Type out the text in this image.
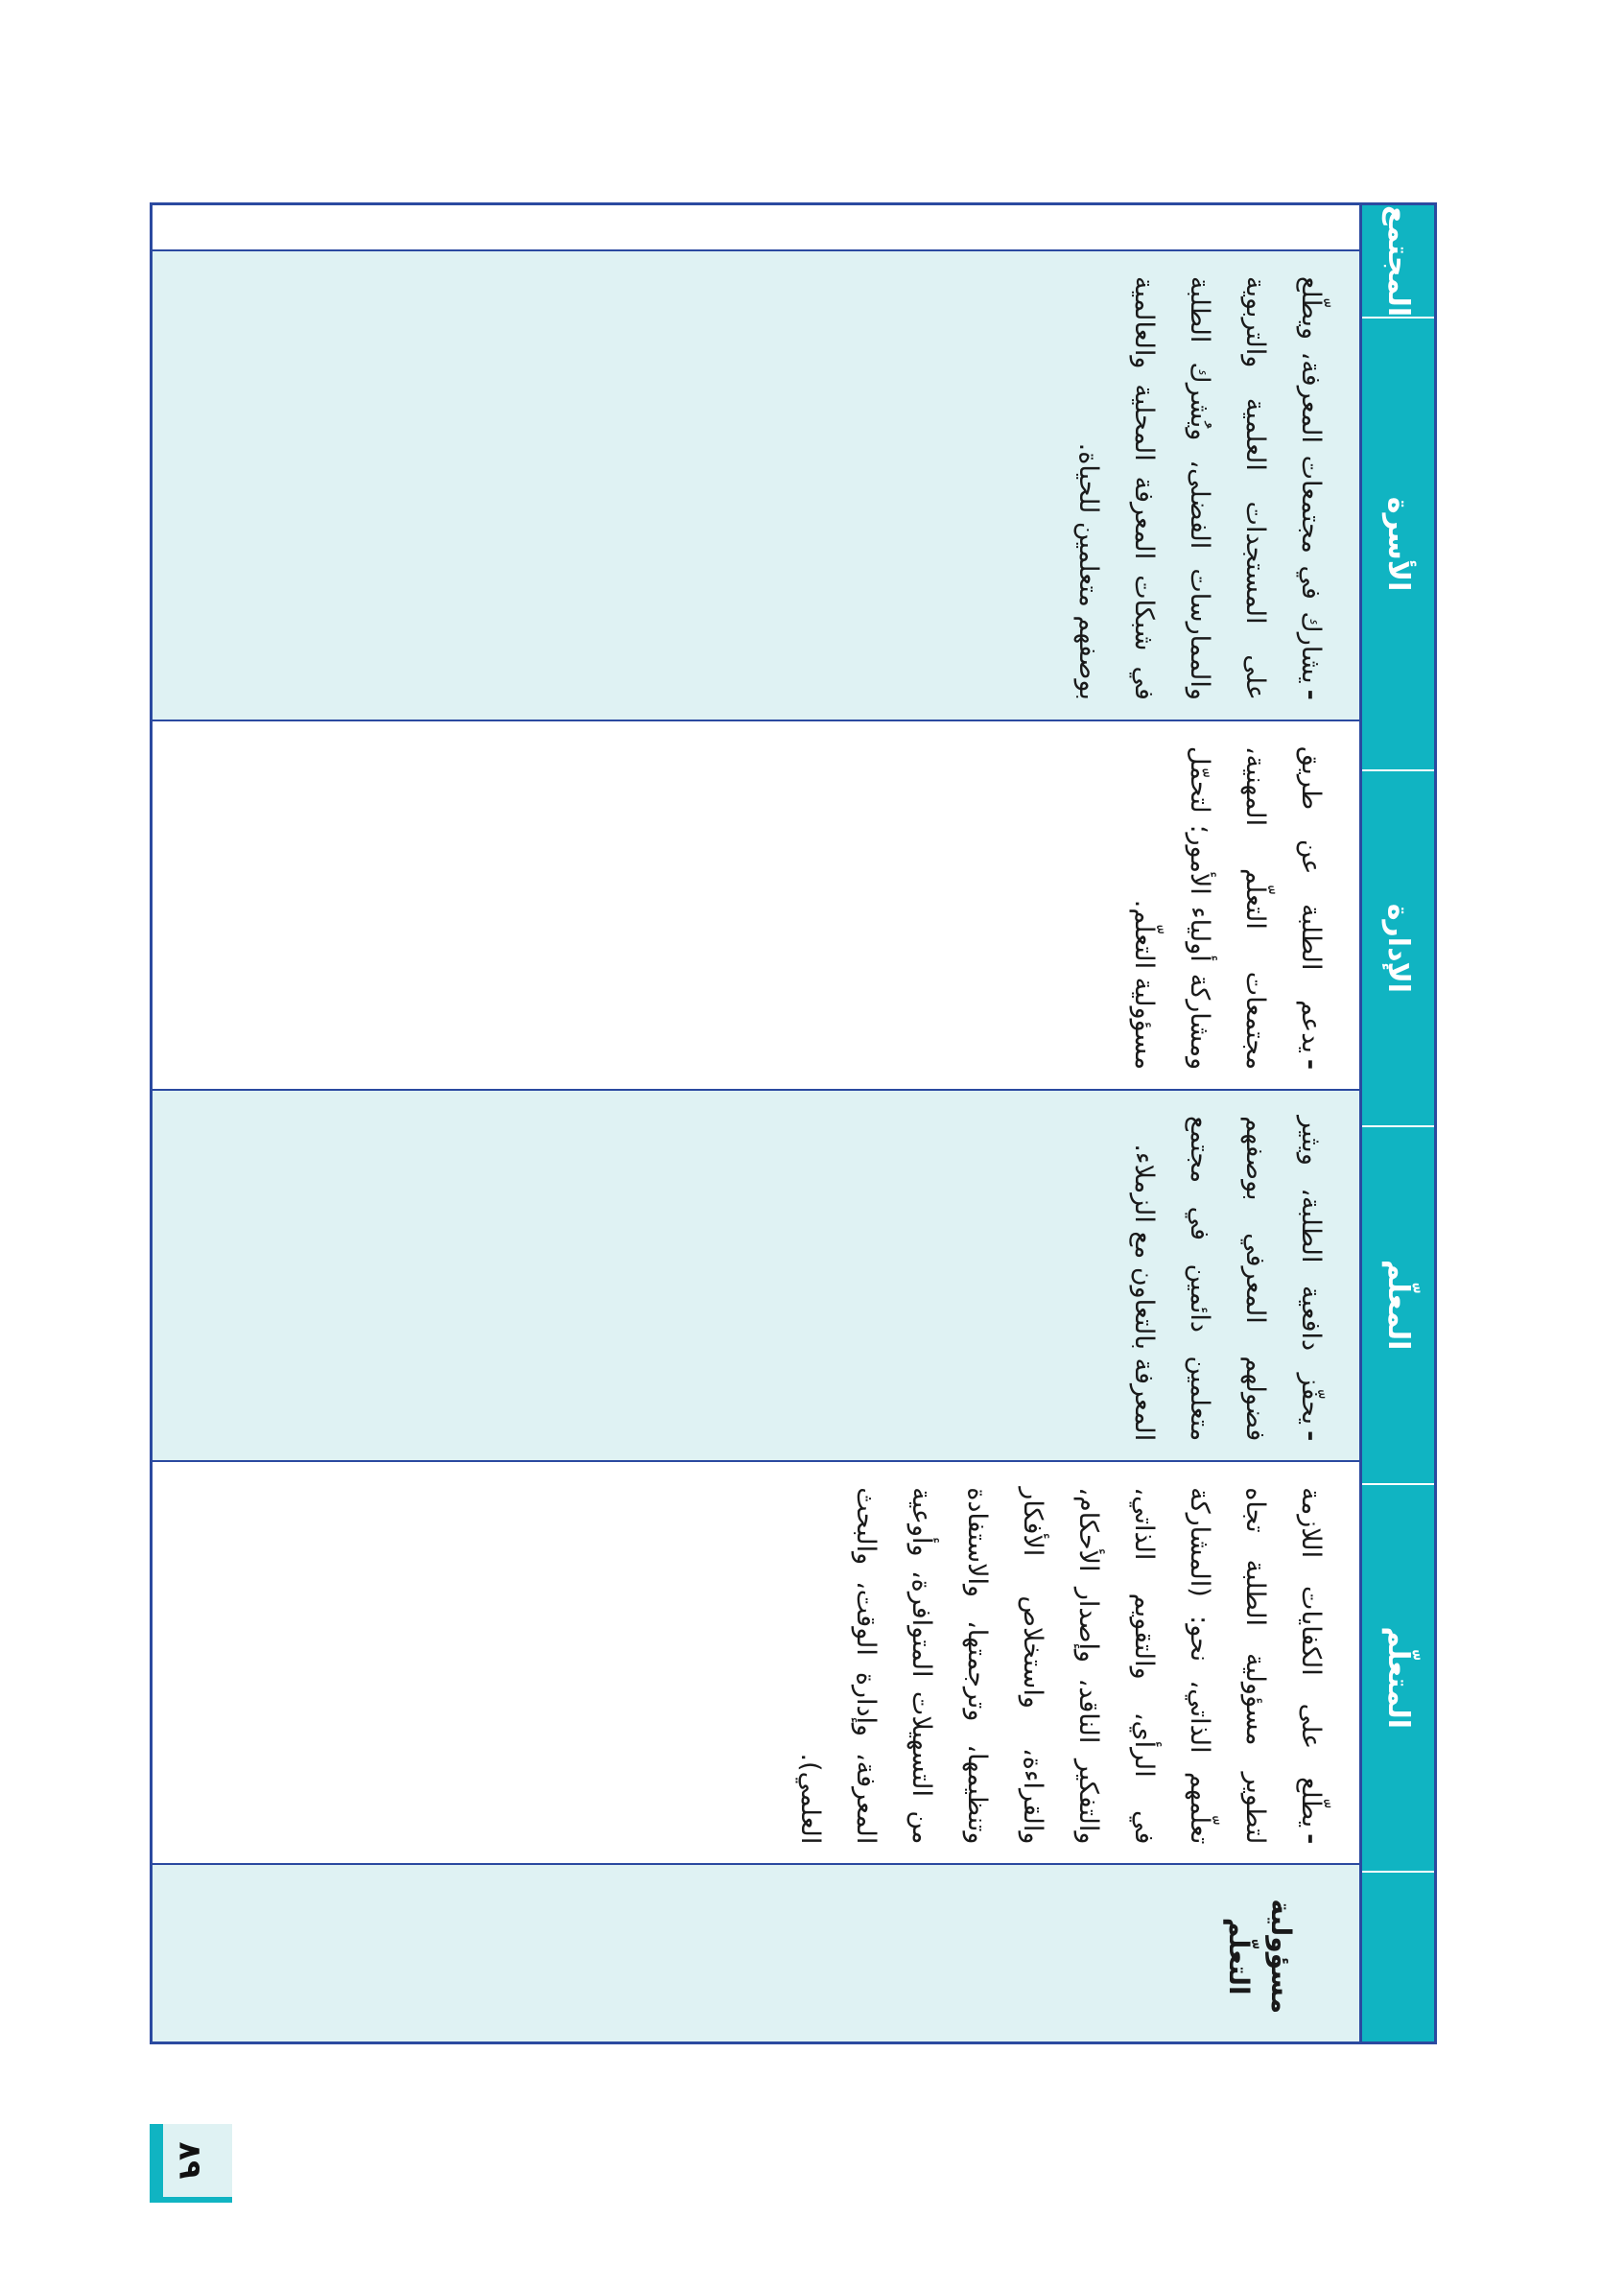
المتعلّم
المعلّم
الإدارة
الأسرة
المجتمع
مسؤولية التعلّم
-يطّلع على الكفايات اللازمة لتطوير مسؤولية الطلبة تجاه تعلّمهم الذاتي، نحو: (المشاركة في الرأي، والتقويم الذاتي، والتفكير الناقد، وإصدار الأحكام، والقراءة، واستخلاص الأفكار وتنظيمها، وترجمتها، والاستفادة من التسهيلات المتوافرة، وأوعية المعرفة، وإدارة الوقت، والبحث العلمي).
-يحفّز دافعية الطلبة، ويثير فضولهم المعرفي بوصفهم متعلمين دائمين في مجتمع المعرفة بالتعاون مع الزملاء.
-يدعم الطلبة عن طريق مجتمعات التعلّم المهنية، ومشاركة أولياء الأمور؛ لتحمّل مسؤولية التعلّم.
-يشارك في مجتمعات المعرفة، ويطّلع على المستجدات العلمية والتربوية والممارسات الفضلى، ويُشرك الطلبة في شبكات المعرفة المحلية والعالمية بوصفهم متعلمين للحياة.
٨٩
